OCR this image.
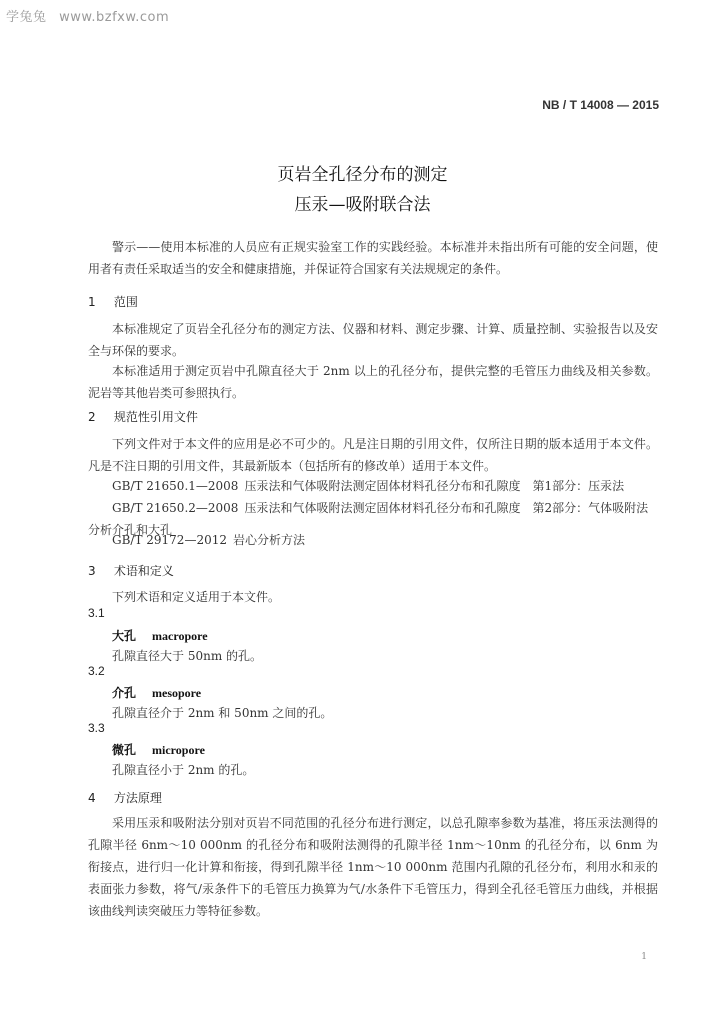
学兔兔 www.bzfxw.com
NB / T 14008 — 2015
页岩全孔径分布的测定
压汞—吸附联合法
警示——使用本标准的人员应有正规实验室工作的实践经验。本标准并未指出所有可能的安全问题，使用者有责任采取适当的安全和健康措施，并保证符合国家有关法规规定的条件。
1 范围
本标准规定了页岩全孔径分布的测定方法、仪器和材料、测定步骤、计算、质量控制、实验报告以及安全与环保的要求。
本标准适用于测定页岩中孔隙直径大于 2nm 以上的孔径分布，提供完整的毛管压力曲线及相关参数。泥岩等其他岩类可参照执行。
2 规范性引用文件
下列文件对于本文件的应用是必不可少的。凡是注日期的引用文件，仅所注日期的版本适用于本文件。凡是不注日期的引用文件，其最新版本（包括所有的修改单）适用于本文件。
GB/T 21650.1—2008 压汞法和气体吸附法测定固体材料孔径分布和孔隙度　第1部分：压汞法
GB/T 21650.2—2008 压汞法和气体吸附法测定固体材料孔径分布和孔隙度　第2部分：气体吸附法分析介孔和大孔
GB/T 29172—2012 岩心分析方法
3 术语和定义
下列术语和定义适用于本文件。
3.1
大孔 macropore
孔隙直径大于 50nm 的孔。
3.2
介孔 mesopore
孔隙直径介于 2nm 和 50nm 之间的孔。
3.3
微孔 micropore
孔隙直径小于 2nm 的孔。
4 方法原理
采用压汞和吸附法分别对页岩不同范围的孔径分布进行测定，以总孔隙率参数为基准，将压汞法测得的孔隙半径 6nm～10 000nm 的孔径分布和吸附法测得的孔隙半径 1nm～10nm 的孔径分布，以 6nm 为衔接点，进行归一化计算和衔接，得到孔隙半径 1nm～10 000nm 范围内孔隙的孔径分布，利用水和汞的表面张力参数，将气/汞条件下的毛管压力换算为气/水条件下毛管压力，得到全孔径毛管压力曲线，并根据该曲线判读突破压力等特征参数。
1
